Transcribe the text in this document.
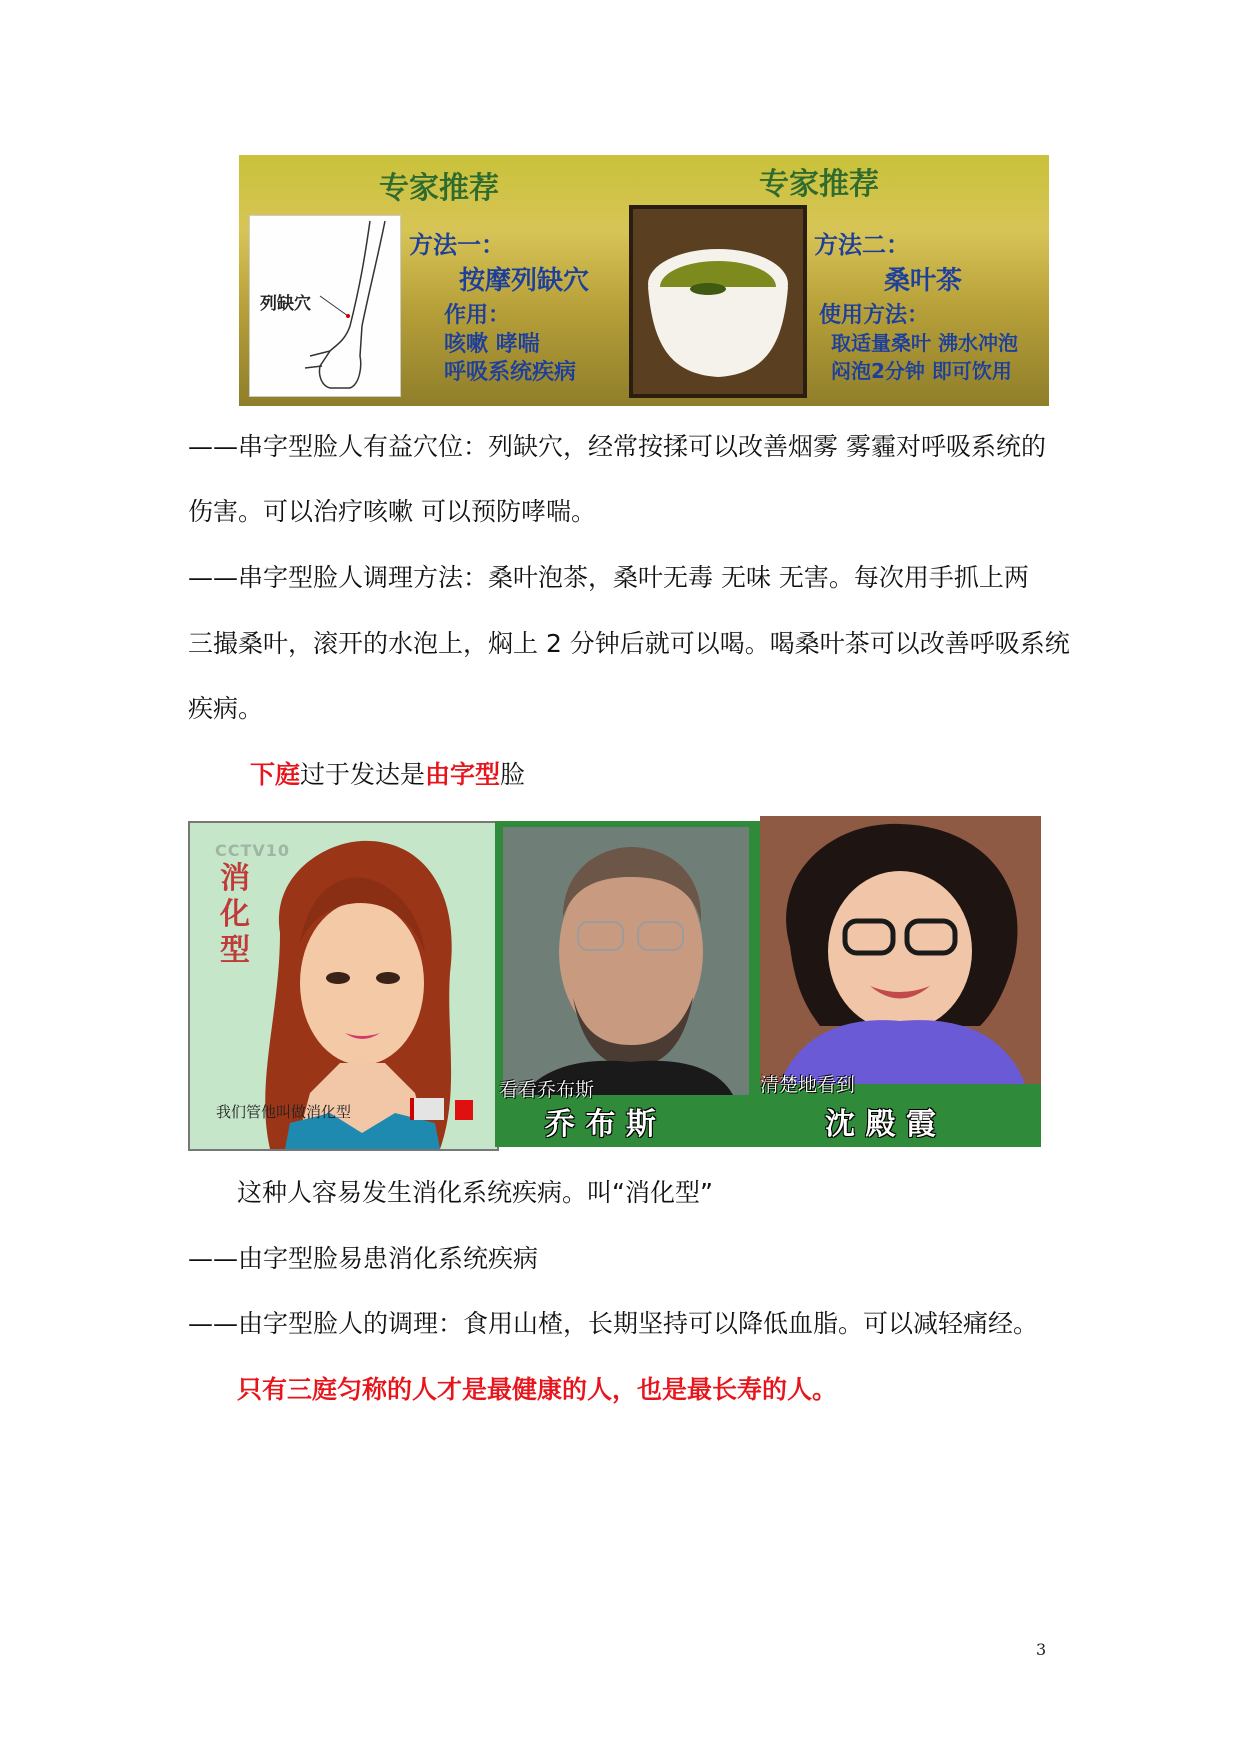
专家推荐
列缺穴
方法一：
按摩列缺穴
作用：
咳嗽 哮喘
呼吸系统疾病
专家推荐
方法二：
桑叶茶
使用方法：
取适量桑叶 沸水冲泡
闷泡2分钟 即可饮用
——串字型脸人有益穴位：列缺穴，经常按揉可以改善烟雾 雾霾对呼吸系统的
伤害。可以治疗咳嗽 可以预防哮喘。
——串字型脸人调理方法：桑叶泡茶，桑叶无毒 无味 无害。每次用手抓上两
三撮桑叶，滚开的水泡上，焖上 2 分钟后就可以喝。喝桑叶茶可以改善呼吸系统
疾病。
下庭过于发达是由字型脸
CCTV10
消化型
我们管他叫做消化型
看看乔布斯
乔 布 斯
清楚地看到
沈 殿 霞
这种人容易发生消化系统疾病。叫“消化型”
——由字型脸易患消化系统疾病
——由字型脸人的调理：食用山楂，长期坚持可以降低血脂。可以减轻痛经。
只有三庭匀称的人才是最健康的人，也是最长寿的人。
3
